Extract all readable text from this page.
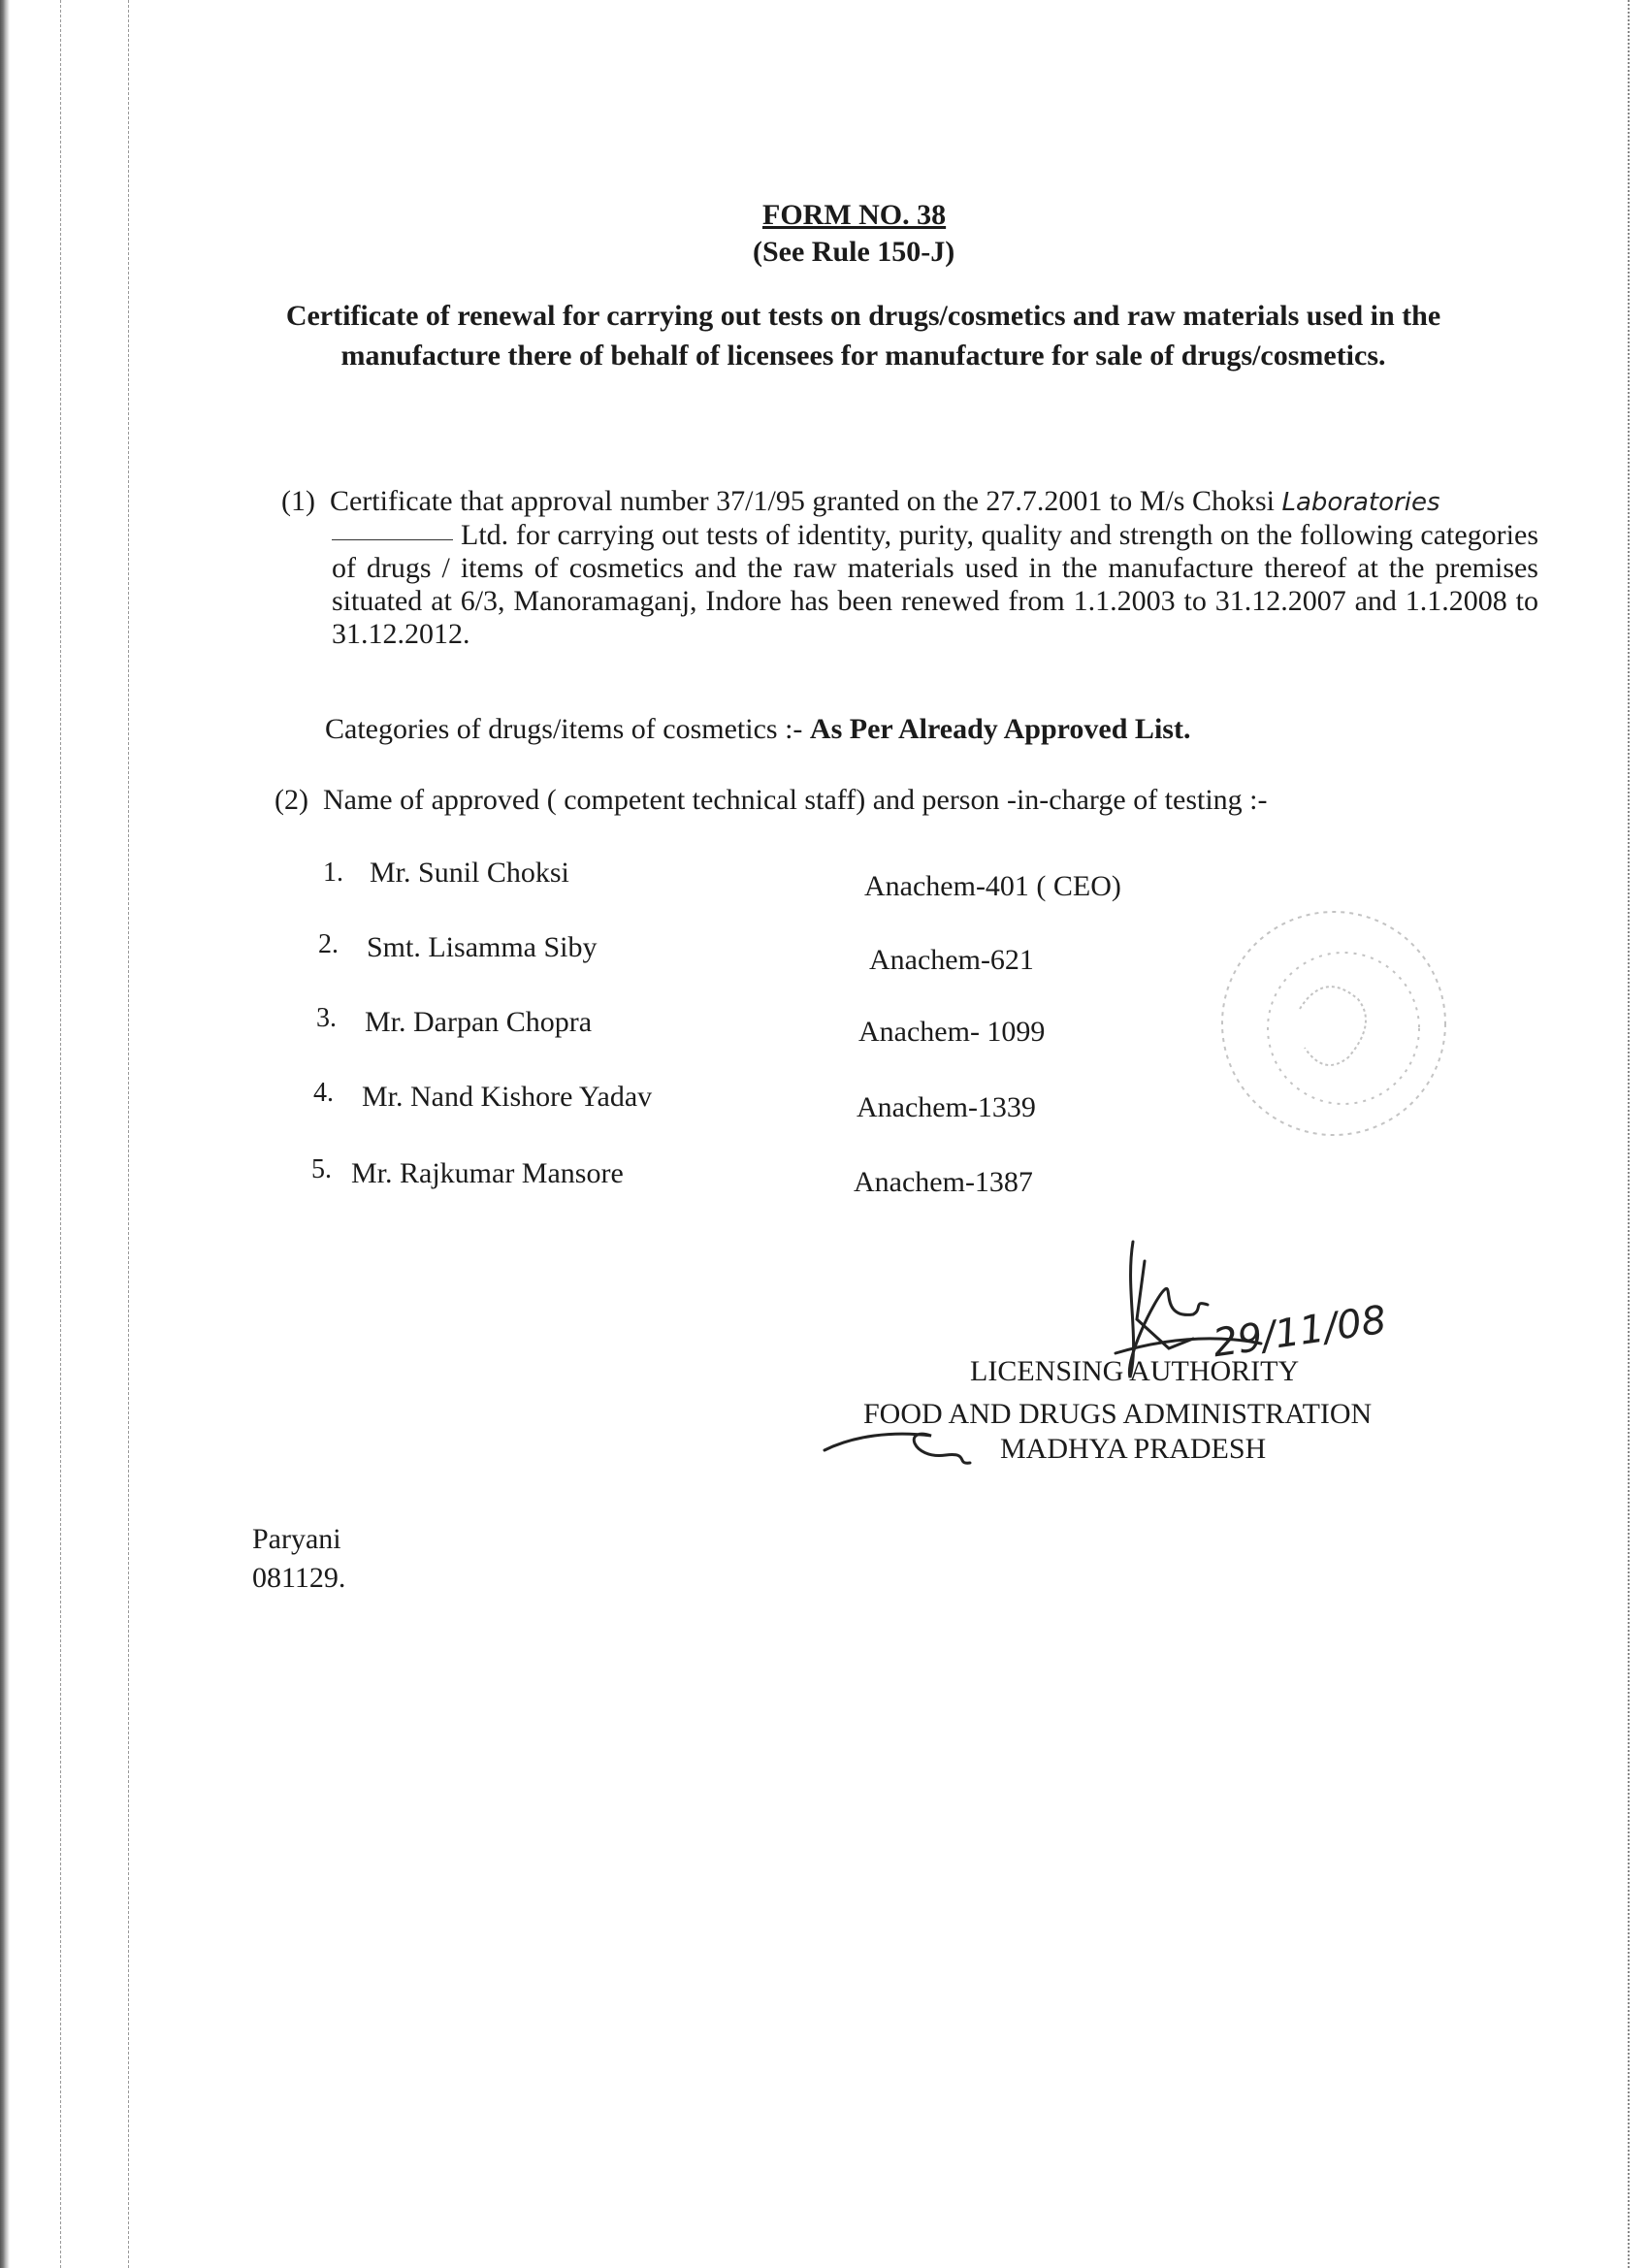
FORM NO. 38
(See Rule 150-J)
Certificate of renewal for carrying out tests on drugs/cosmetics and raw materials used in the manufacture there of behalf of licensees for manufacture for sale of drugs/cosmetics.
(1) Certificate that approval number 37/1/95 granted on the 27.7.2001 to M/s Choksi Laboratories
Ltd. for carrying out tests of identity, purity, quality and strength on the following categories of drugs / items of cosmetics and the raw materials used in the manufacture thereof at the premises situated at 6/3, Manoramaganj, Indore has been renewed from 1.1.2003 to 31.12.2007 and 1.1.2008 to 31.12.2012.
Categories of drugs/items of cosmetics :- As Per Already Approved List.
(2) Name of approved ( competent technical staff) and person -in-charge of testing :-
1. Mr. Sunil Choksi	Anachem-401 ( CEO)
2. Smt. Lisamma Siby	Anachem-621
3. Mr. Darpan Chopra	Anachem- 1099
4. Mr. Nand Kishore Yadav	Anachem-1339
5. Mr. Rajkumar Mansore	Anachem-1387
29/11/08
LICENSING AUTHORITY
FOOD AND DRUGS ADMINISTRATION
MADHYA PRADESH
Paryani
081129.
